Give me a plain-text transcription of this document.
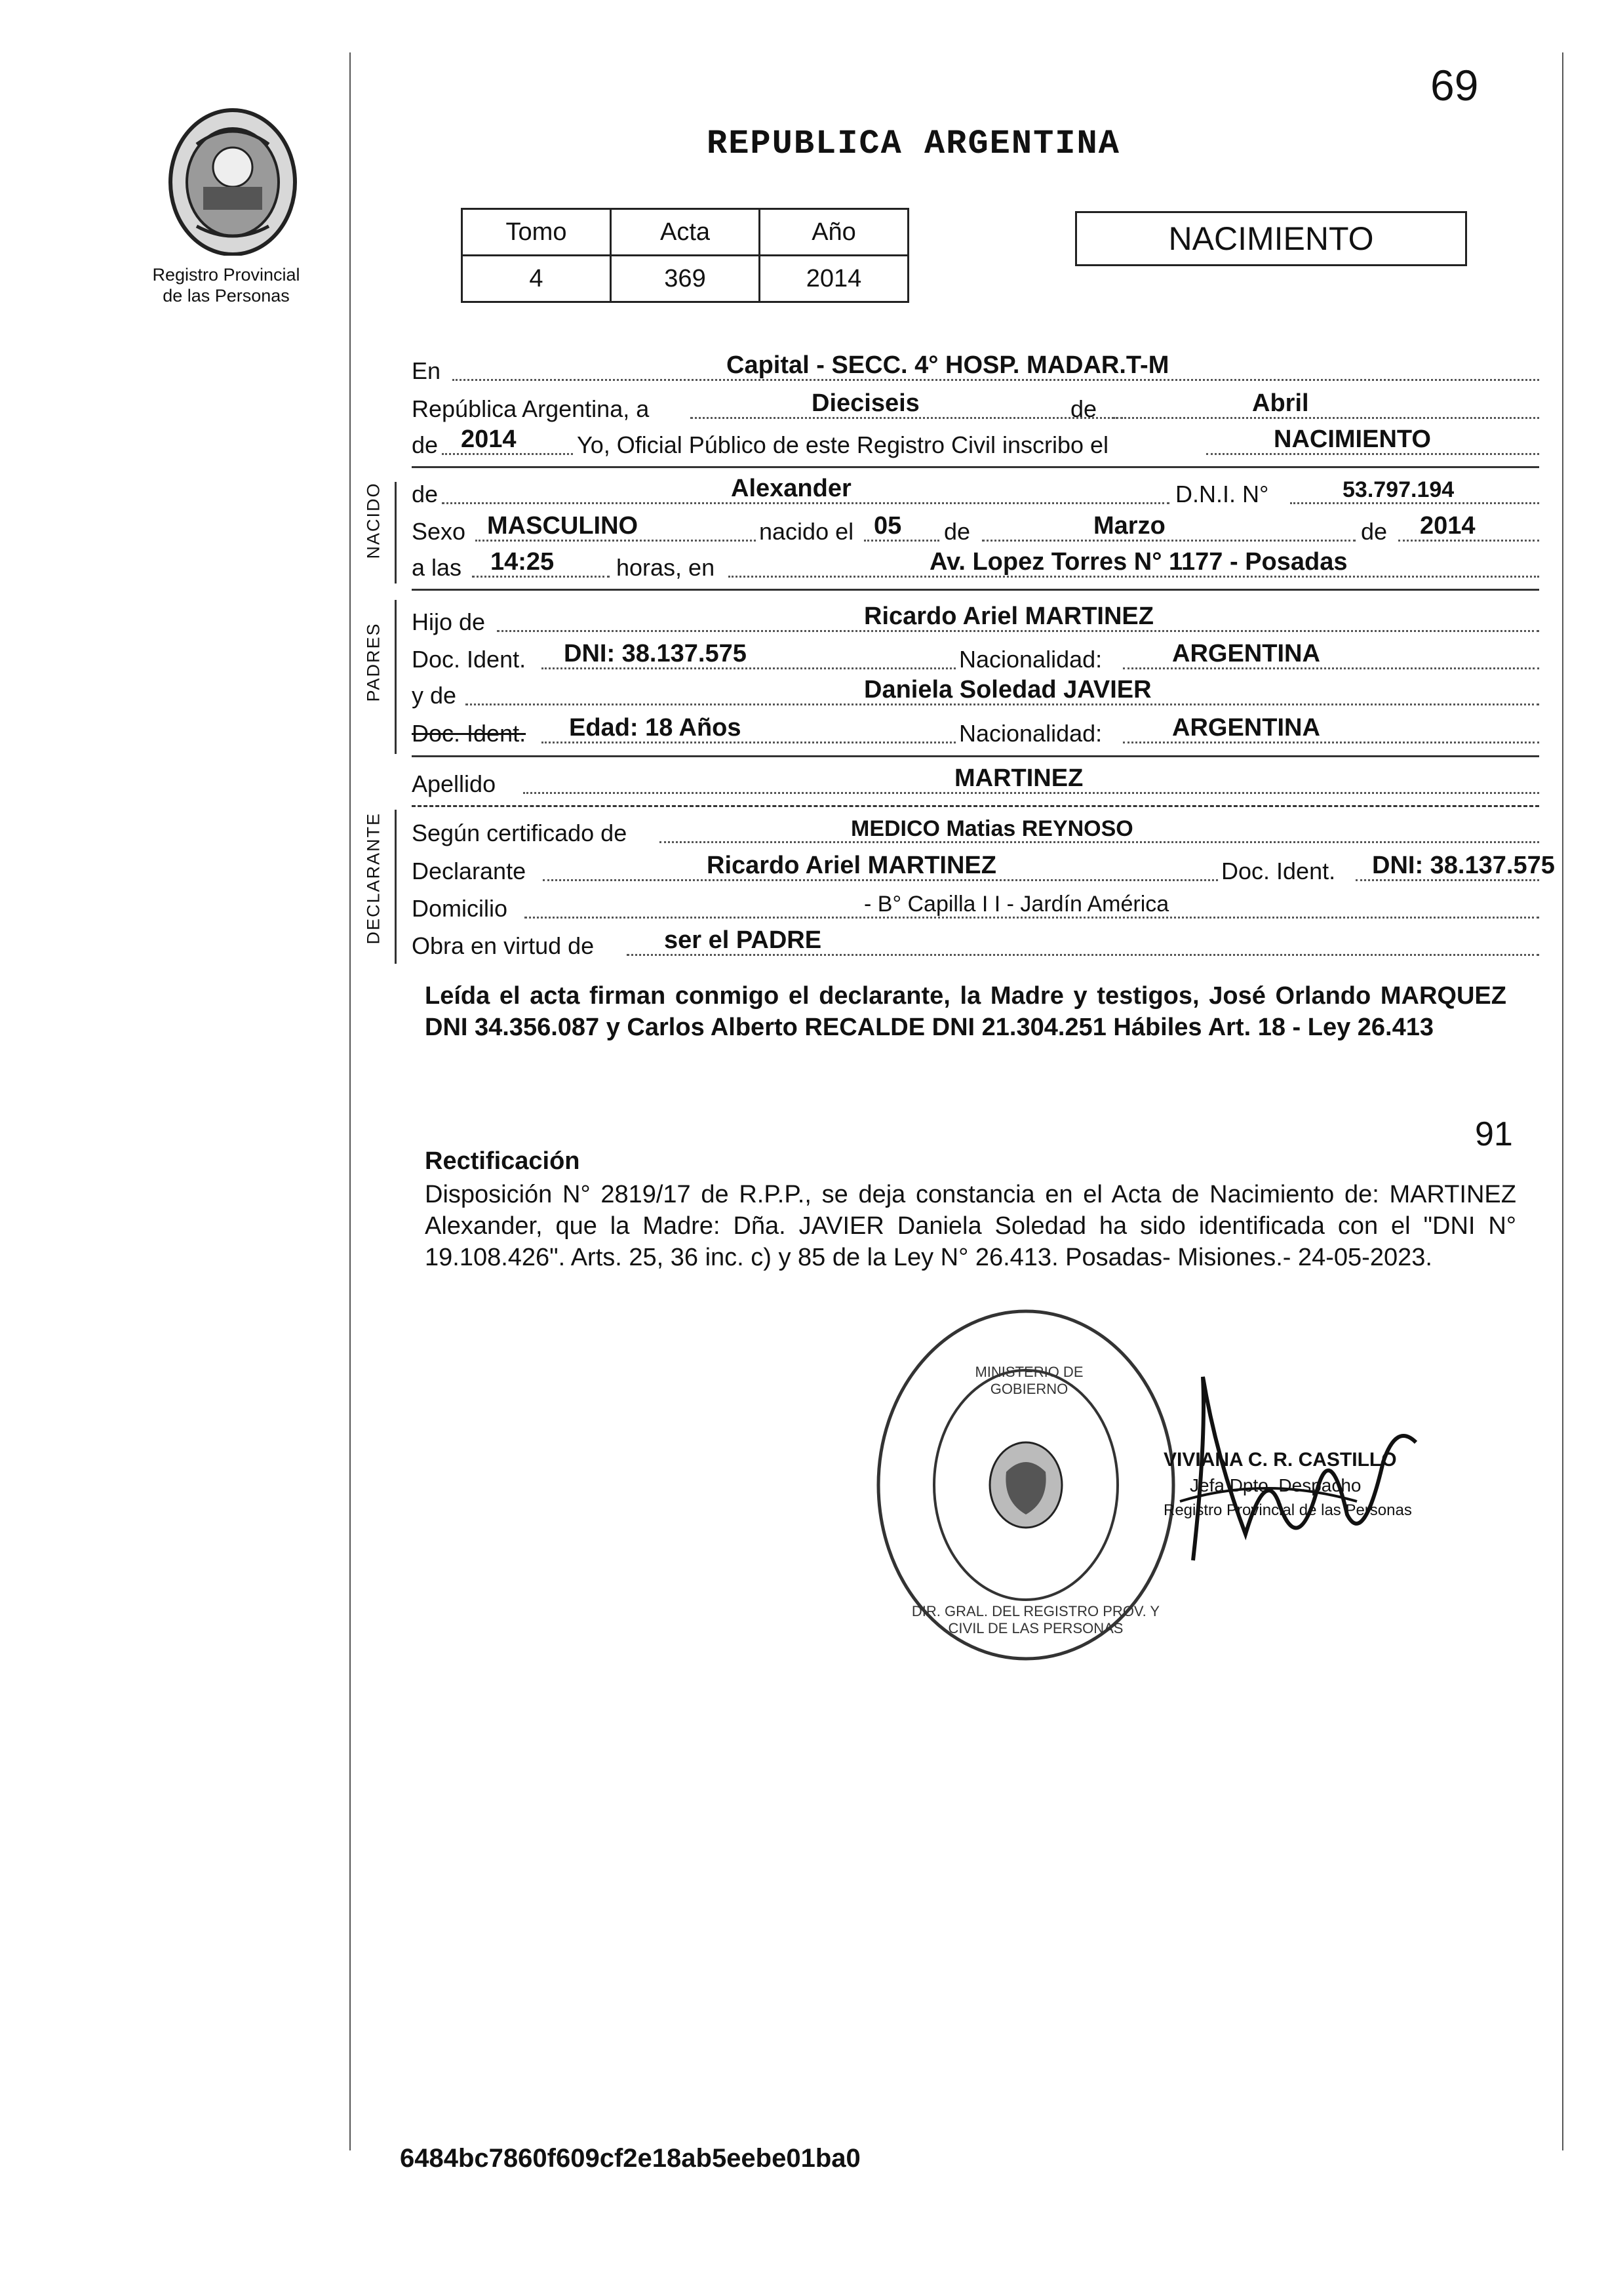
Registro Provincial
de las Personas
69
REPUBLICA ARGENTINA
Tomo	Acta	Año
4	369	2014
NACIMIENTO
NACIDO
PADRES
DECLARANTE
En	Capital - SECC. 4° HOSP. MADAR.T-M
República Argentina, a	Dieciseis	de	Abril
de 2014	Yo, Oficial Público de este Registro Civil inscribo el	NACIMIENTO
de	Alexander	D.N.I. N°	53.797.194
Sexo MASCULINO	nacido el 05 de	Marzo	de 2014
a las 14:25	horas, en	Av. Lopez Torres N° 1177 - Posadas
Hijo de	Ricardo Ariel MARTINEZ
Doc. Ident. DNI: 38.137.575	Nacionalidad:	ARGENTINA
y de	Daniela Soledad JAVIER
Doc. Ident. Edad: 18 Años	Nacionalidad:	ARGENTINA
Apellido	MARTINEZ
Según certificado de	MEDICO Matias REYNOSO
Declarante	Ricardo Ariel MARTINEZ	Doc. Ident. DNI: 38.137.575
Domicilio	- B° Capilla I I - Jardín América
Obra en virtud de	ser el PADRE
Leída el acta firman conmigo el declarante, la Madre y testigos, José Orlando MARQUEZ DNI 34.356.087 y Carlos Alberto RECALDE DNI 21.304.251 Hábiles Art. 18 - Ley 26.413
91
Rectificación
Disposición N° 2819/17 de R.P.P., se deja constancia en el Acta de Nacimiento de: MARTINEZ Alexander, que la Madre: Dña. JAVIER Daniela Soledad ha sido identificada con el "DNI N° 19.108.426". Arts. 25, 36 inc. c) y 85 de la Ley N° 26.413. Posadas- Misiones.- 24-05-2023.
DIR. GRAL. DEL REGISTRO PROV. Y CIVIL DE LAS PERSONAS
MINISTERIO DE GOBIERNO
VIVIANA C. R. CASTILLO
Jefa Dpto. Despacho
Registro Provincial de las Personas
6484bc7860f609cf2e18ab5eebe01ba0
